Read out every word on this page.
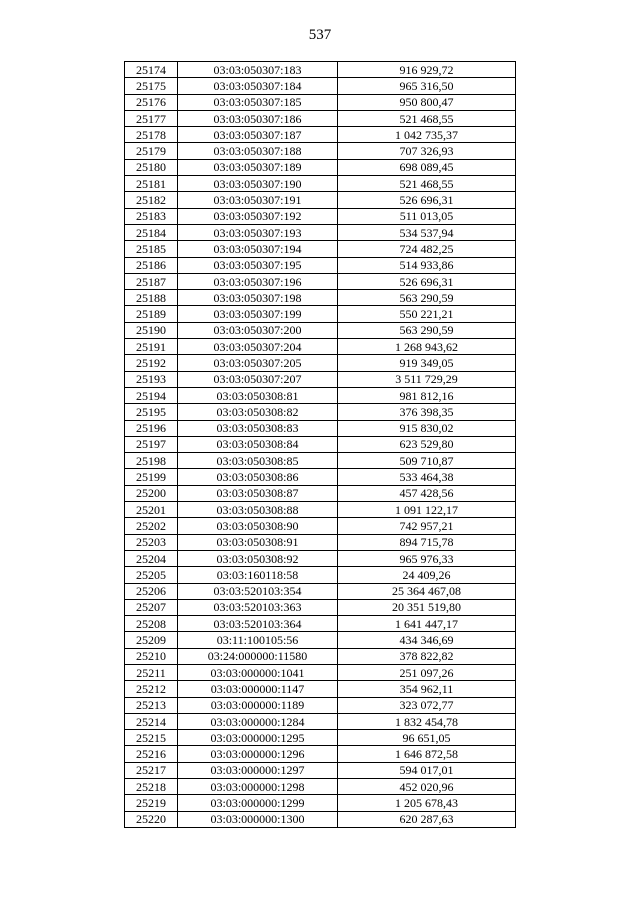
537
25174	03:03:050307:183	916 929,72
25175	03:03:050307:184	965 316,50
25176	03:03:050307:185	950 800,47
25177	03:03:050307:186	521 468,55
25178	03:03:050307:187	1 042 735,37
25179	03:03:050307:188	707 326,93
25180	03:03:050307:189	698 089,45
25181	03:03:050307:190	521 468,55
25182	03:03:050307:191	526 696,31
25183	03:03:050307:192	511 013,05
25184	03:03:050307:193	534 537,94
25185	03:03:050307:194	724 482,25
25186	03:03:050307:195	514 933,86
25187	03:03:050307:196	526 696,31
25188	03:03:050307:198	563 290,59
25189	03:03:050307:199	550 221,21
25190	03:03:050307:200	563 290,59
25191	03:03:050307:204	1 268 943,62
25192	03:03:050307:205	919 349,05
25193	03:03:050307:207	3 511 729,29
25194	03:03:050308:81	981 812,16
25195	03:03:050308:82	376 398,35
25196	03:03:050308:83	915 830,02
25197	03:03:050308:84	623 529,80
25198	03:03:050308:85	509 710,87
25199	03:03:050308:86	533 464,38
25200	03:03:050308:87	457 428,56
25201	03:03:050308:88	1 091 122,17
25202	03:03:050308:90	742 957,21
25203	03:03:050308:91	894 715,78
25204	03:03:050308:92	965 976,33
25205	03:03:160118:58	24 409,26
25206	03:03:520103:354	25 364 467,08
25207	03:03:520103:363	20 351 519,80
25208	03:03:520103:364	1 641 447,17
25209	03:11:100105:56	434 346,69
25210	03:24:000000:11580	378 822,82
25211	03:03:000000:1041	251 097,26
25212	03:03:000000:1147	354 962,11
25213	03:03:000000:1189	323 072,77
25214	03:03:000000:1284	1 832 454,78
25215	03:03:000000:1295	96 651,05
25216	03:03:000000:1296	1 646 872,58
25217	03:03:000000:1297	594 017,01
25218	03:03:000000:1298	452 020,96
25219	03:03:000000:1299	1 205 678,43
25220	03:03:000000:1300	620 287,63
